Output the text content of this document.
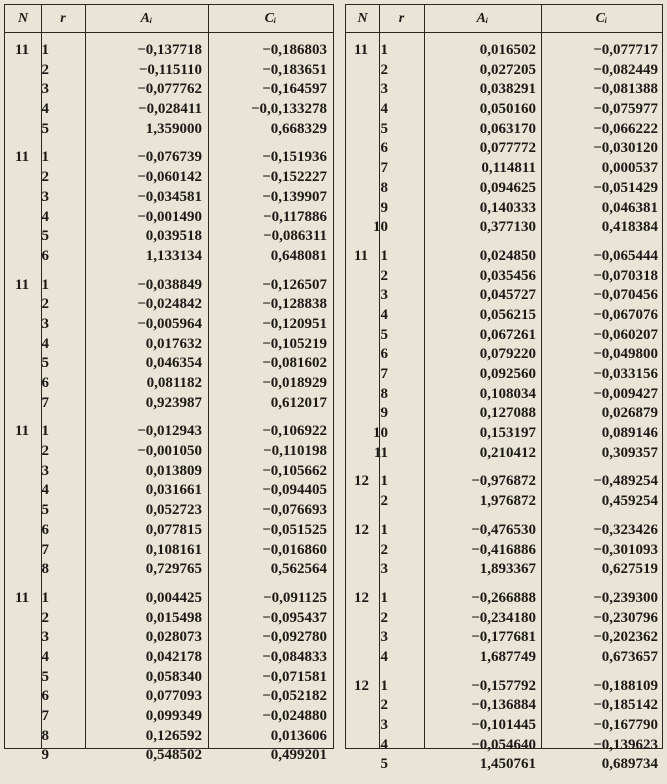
N	r	Aᵢ	Cᵢ
11 1	−0,137718	−0,186803
2	−0,115110	−0,183651
3	−0,077762	−0,164597
4	−0,028411	−0,0,133278
5	1,359000	0,668329
11 1	−0,076739	−0,151936
2	−0,060142	−0,152227
3	−0,034581	−0,139907
4	−0,001490	−0,117886
5	0,039518	−0,086311
6	1,133134	0,648081
11 1	−0,038849	−0,126507
2	−0,024842	−0,128838
3	−0,005964	−0,120951
4	0,017632	−0,105219
5	0,046354	−0,081602
6	0,081182	−0,018929
7	0,923987	0,612017
11 1	−0,012943	−0,106922
2	−0,001050	−0,110198
3	0,013809	−0,105662
4	0,031661	−0,094405
5	0,052723	−0,076693
6	0,077815	−0,051525
7	0,108161	−0,016860
8	0,729765	0,562564
11 1	0,004425	−0,091125
2	0,015498	−0,095437
3	0,028073	−0,092780
4	0,042178	−0,084833
5	0,058340	−0,071581
6	0,077093	−0,052182
7	0,099349	−0,024880
8	0,126592	0,013606
9	0,548502	0,499201
N	r	Aᵢ	Cᵢ
11 1	0,016502	−0,077717
2	0,027205	−0,082449
3	0,038291	−0,081388
4	0,050160	−0,075977
5	0,063170	−0,066222
6	0,077772	−0,030120
7	0,114811	0,000537
8	0,094625	−0,051429
9	0,140333	0,046381
10	0,377130	0,418384
11 1	0,024850	−0,065444
2	0,035456	−0,070318
3	0,045727	−0,070456
4	0,056215	−0,067076
5	0,067261	−0,060207
6	0,079220	−0,049800
7	0,092560	−0,033156
8	0,108034	−0,009427
9	0,127088	0,026879
10	0,153197	0,089146
11	0,210412	0,309357
12 1	−0,976872	−0,489254
2	1,976872	0,459254
12 1	−0,476530	−0,323426
2	−0,416886	−0,301093
3	1,893367	0,627519
12 1	−0,266888	−0,239300
2	−0,234180	−0,230796
3	−0,177681	−0,202362
4	1,687749	0,673657
12 1	−0,157792	−0,188109
2	−0,136884	−0,185142
3	−0,101445	−0,167790
4	−0,054640	−0,139623
5	1,450761	0,689734
